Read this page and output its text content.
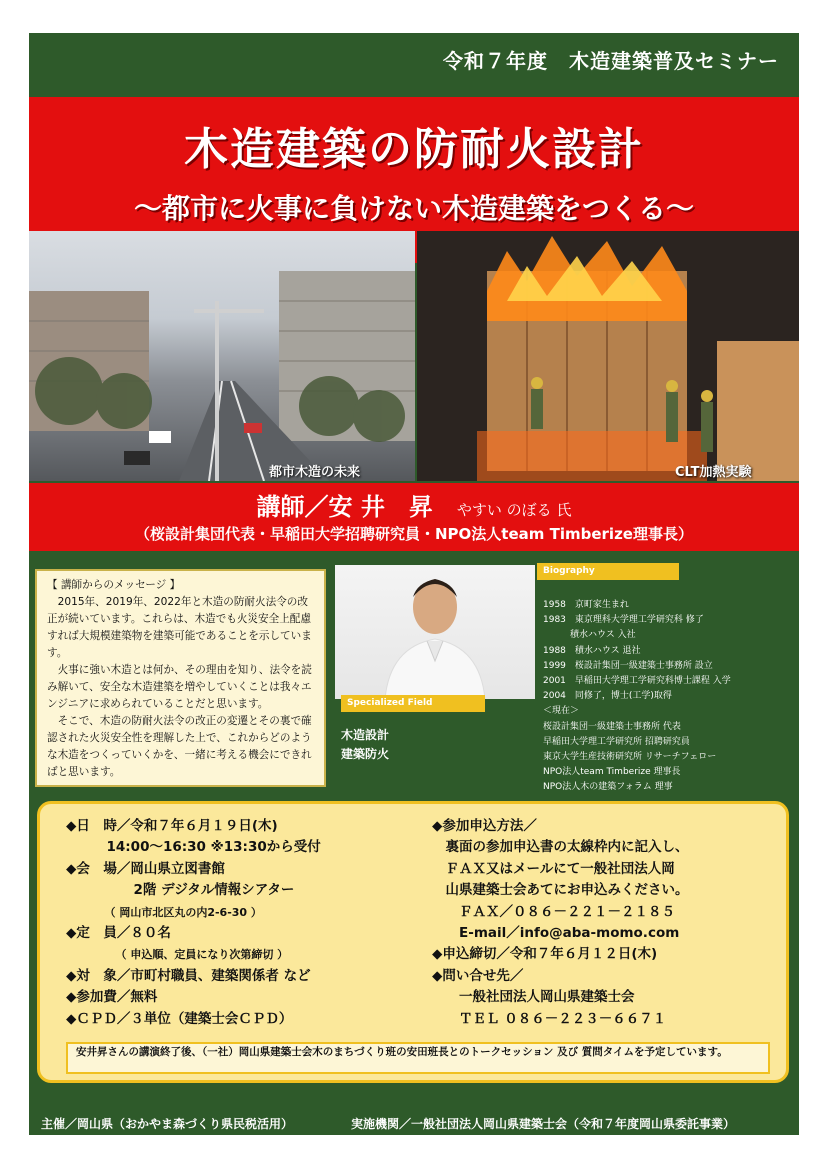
令和７年度　木造建築普及セミナー
木造建築の防耐火設計
～都市に火事に負けない木造建築をつくる～
都市木造の未来	CLT加熱実験
講師／安 井　昇 やすい のぼる 氏
（桜設計集団代表・早稲田大学招聘研究員・NPO法人team Timberize理事長）

【 講師からのメッセージ 】

　2015年、2019年、2022年と木造の防耐火法令の改正が続いています。これらは、木造でも火災安全上配慮すれば大規模建築物を建築可能であることを示しています。

　火事に強い木造とは何か、その理由を知り、法令を読み解いて、安全な木造建築を増やしていくことは我々エンジニアに求められていることだと思います。

　そこで、木造の防耐火法令の改正の変遷とその裏で確認された火災安全性を理解した上で、これからどのような木造をつくっていくかを、一緒に考える機会にできればと思います。

Biography
1958　京町家生まれ
1983　東京理科大学理工学研究科 修了
　　　積水ハウス 入社
1988　積水ハウス 退社
1999　桜設計集団一級建築士事務所 設立
2001　早稲田大学理工学研究科博士課程 入学
2004　同修了，博士(工学)取得
＜現在＞
桜設計集団一級建築士事務所 代表
早稲田大学理工学研究所 招聘研究員
東京大学生産技術研究所 リサーチフェロー
NPO法人team Timberize 理事長
NPO法人木の建築フォラム 理事
Specialized Field
木造設計
建築防火
◆日　時／令和７年６月１９日(木)
　　　14:00～16:30 ※13:30から受付
◆会　場／岡山県立図書館
　　　　　2階 デジタル情報シアター
　　　　（ 岡山市北区丸の内2-6-30 ）
◆定　員／８０名
　　　　　（ 申込順、定員になり次第締切 ）
◆対　象／市町村職員、建築関係者 など
◆参加費／無料
◆ＣＰＤ／３単位（建築士会ＣＰＤ）
◆参加申込方法／
　裏面の参加申込書の太線枠内に記入し、
　ＦＡＸ又はメールにて一般社団法人岡
　山県建築士会あてにお申込みください。
　　ＦＡＸ／０８６－２２１－２１８５
　　E-mail／info@aba-momo.com
◆申込締切／令和７年６月１２日(木)
◆問い合せ先／
　　一般社団法人岡山県建築士会
　　ＴＥＬ ０８６－２２３－６６７１
安井昇さんの講演終了後、（一社）岡山県建築士会木のまちづくり班の安田班長とのトークセッション 及び 質問タイムを予定しています。
主催／岡山県（おかやま森づくり県民税活用）	実施機関／一般社団法人岡山県建築士会（令和７年度岡山県委託事業）
